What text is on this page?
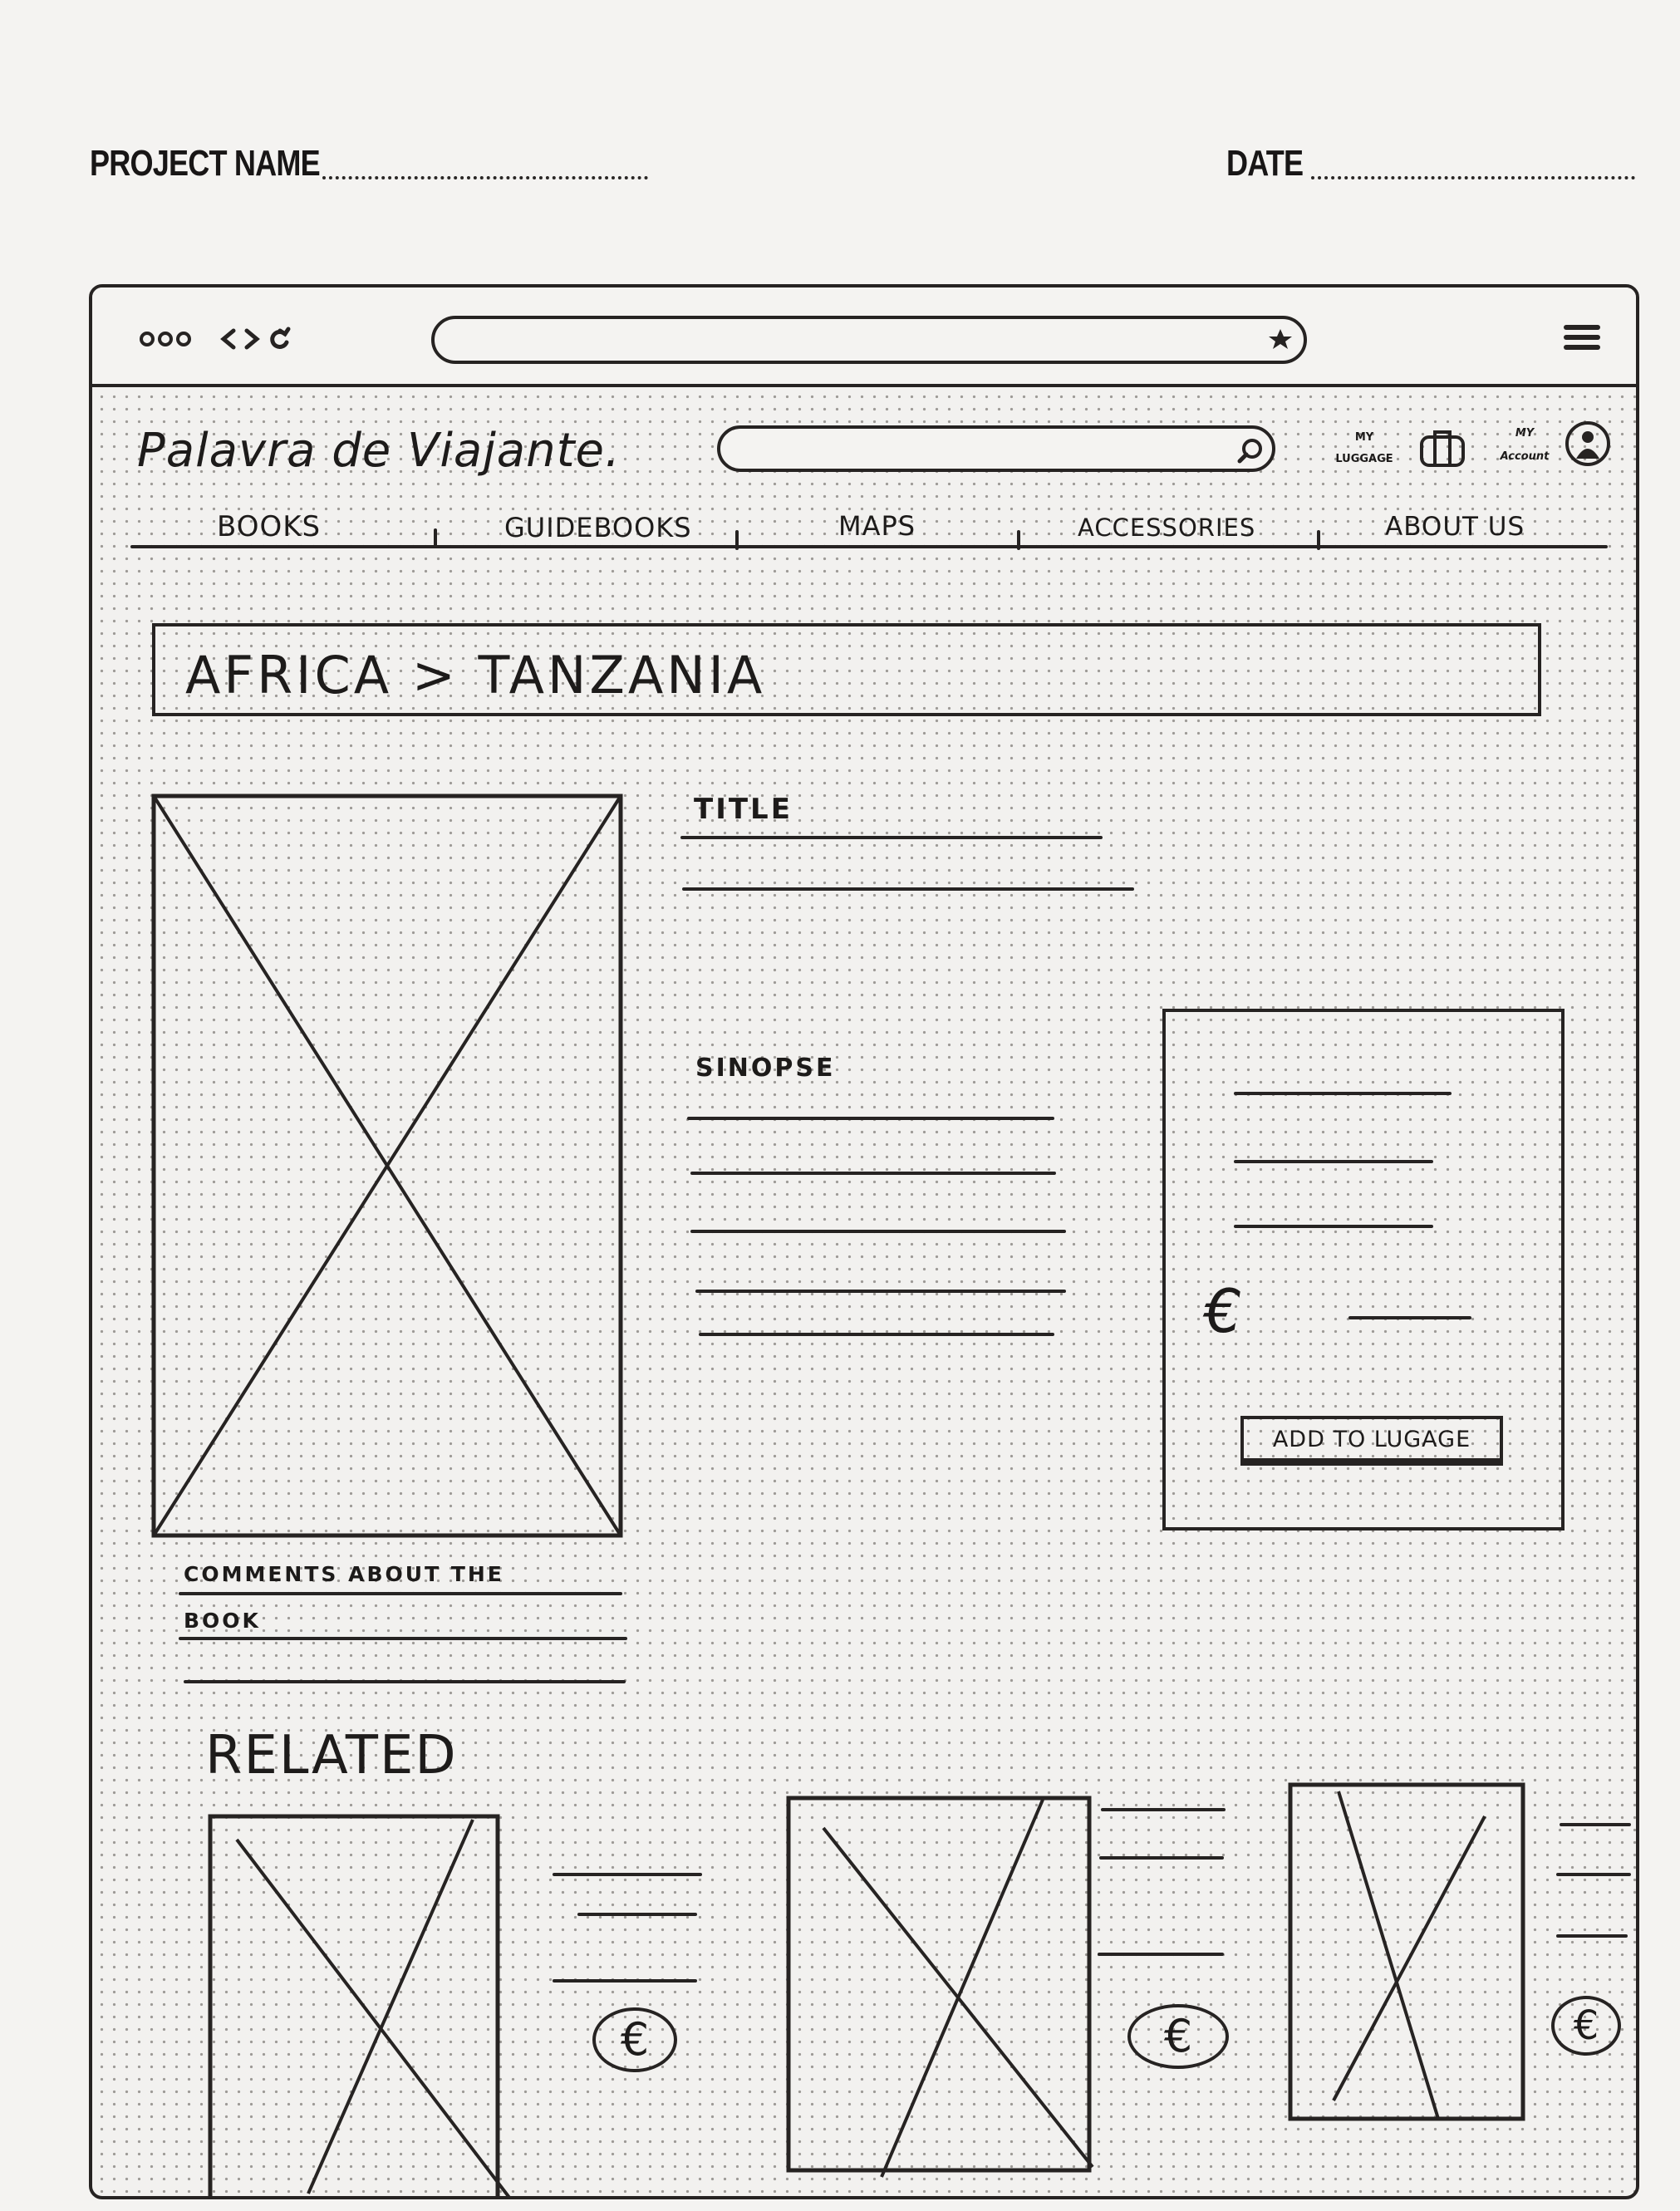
PROJECT NAME	DATE
Palavra de Viajante.	MY
LUGGAGE
MY
Account
BOOKS	GUIDEBOOKS	MAPS	ACCESSORIES	ABOUT US
AFRICA > TANZANIA
TITLE
SINOPSE
€
ADD TO LUGAGE
COMMENTS ABOUT THE
BOOK
RELATED
€	€	€
